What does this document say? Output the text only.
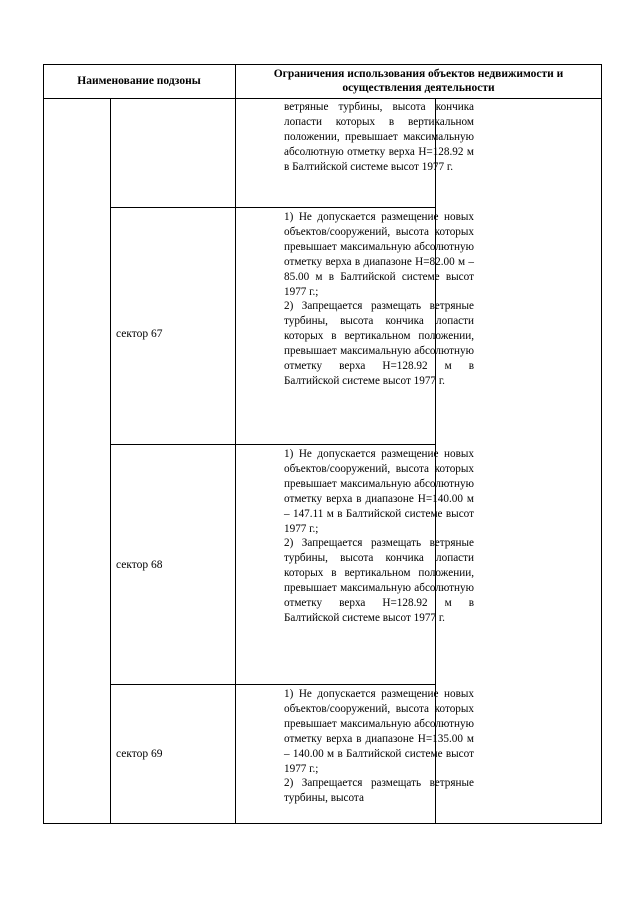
Наименование подзоны
Ограничения использования объектов недвижимости и
осуществления деятельности

ветряные турбины, высота кончика лопасти которых в вертикальном положении, превышает максимальную абсолютную отметку верха Н=128.92 м в Балтийской системе высот 1977 г.

сектор 67

1) Не допускается размещение новых объектов/сооружений, высота которых превышает максимальную абсолютную отметку верха в диапазоне Н=82.00 м – 85.00 м в Балтийской системе высот 1977 г.;

2) Запрещается размещать ветряные турбины, высота кончика лопасти которых в вертикальном положении, превышает максимальную абсолютную отметку верха Н=128.92 м в Балтийской системе высот 1977 г.

сектор 68

1) Не допускается размещение новых объектов/сооружений, высота которых превышает максимальную абсолютную отметку верха в диапазоне Н=140.00 м – 147.11 м в Балтийской системе высот 1977 г.;

2) Запрещается размещать ветряные турбины, высота кончика лопасти которых в вертикальном положении, превышает максимальную абсолютную отметку верха Н=128.92 м в Балтийской системе высот 1977 г.

сектор 69

1) Не допускается размещение новых объектов/сооружений, высота которых превышает максимальную абсолютную отметку верха в диапазоне Н=135.00 м – 140.00 м в Балтийской системе высот 1977 г.;

2) Запрещается размещать ветряные турбины, высота
